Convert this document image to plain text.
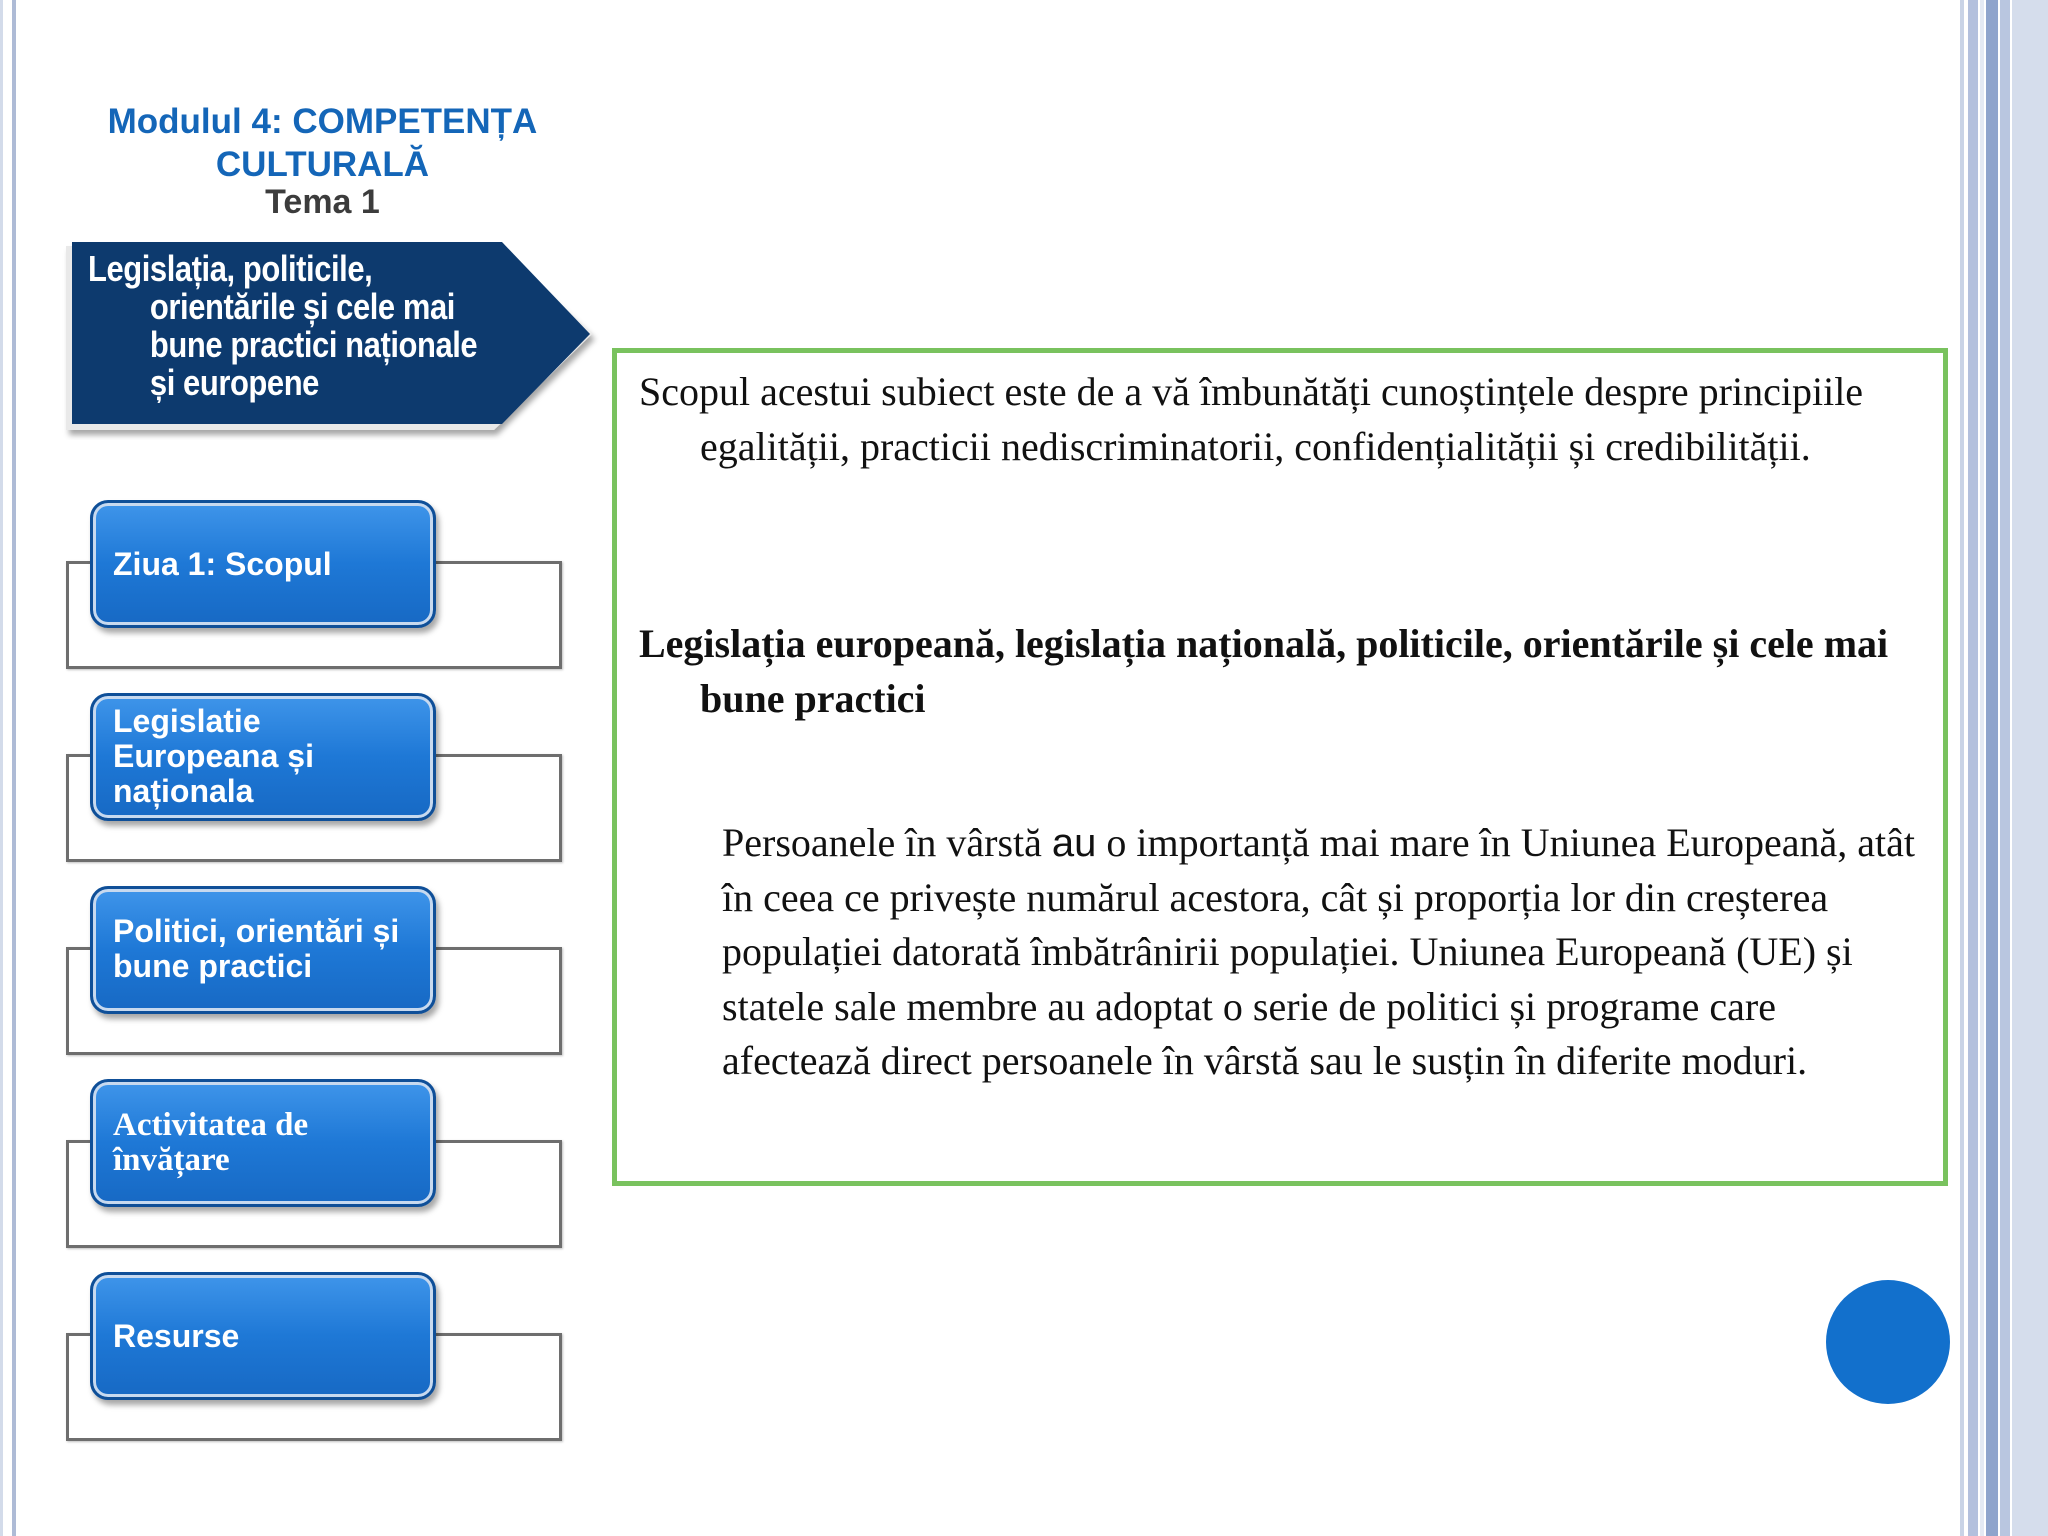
Modulul 4: COMPETENȚA
CULTURALĂ
Tema 1
Legislația, politicile,
orientările și cele mai
bune practici naționale
și europene
Ziua 1: Scopul
Legislatie
Europeana și
naționala
Politici, orientări și
bune practici
Activitatea de
învățare
Resurse
Scopul acestui subiect este de a vă îmbunătăți cunoștințele despre principiile egalității, practicii nediscriminatorii, confidențialității și credibilității.
Legislația europeană, legislația națională, politicile, orientările și cele mai bune practici
Persoanele în vârstă au o importanță mai mare în Uniunea Europeană, atât în ceea ce privește numărul acestora, cât și proporția lor din creșterea populației datorată îmbătrânirii populației. Uniunea Europeană (UE) și statele sale membre au adoptat o serie de politici și programe care afectează direct persoanele în vârstă sau le susțin în diferite moduri.
